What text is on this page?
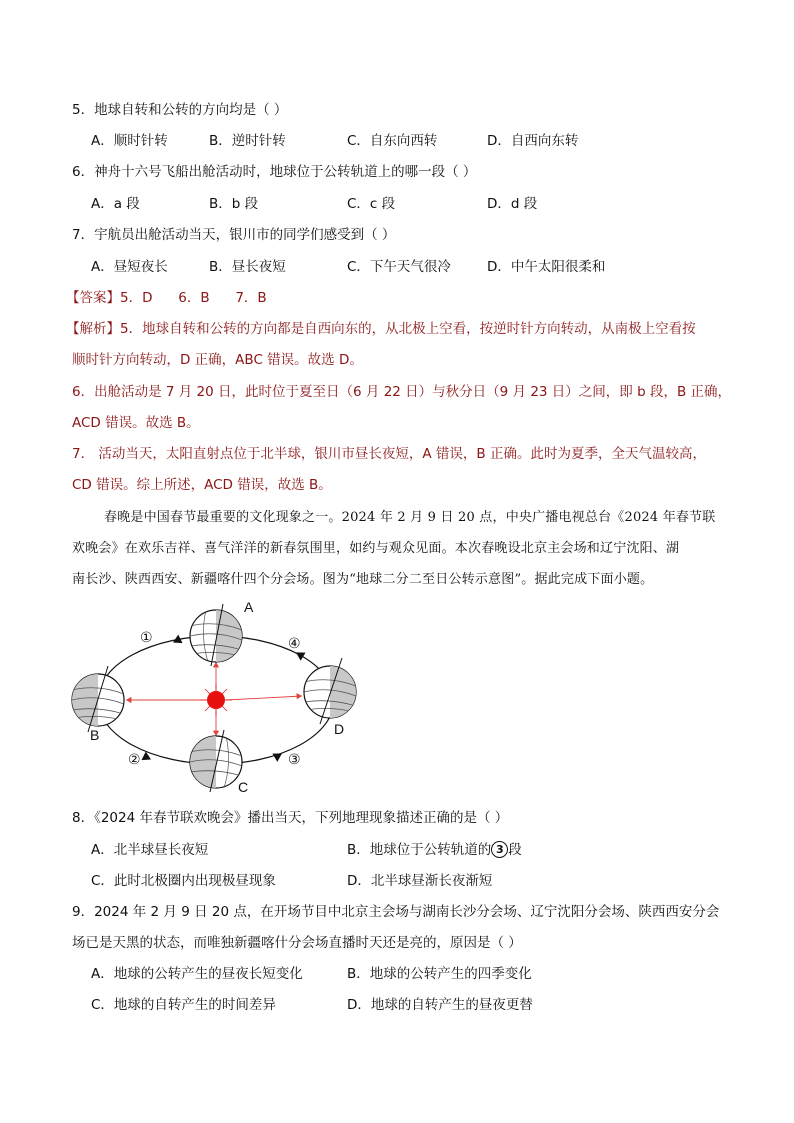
5．地球自转和公转的方向均是（ ）
A．顺时针转	B．逆时针转	C．自东向西转	D．自西向东转
6．神舟十六号飞船出舱活动时，地球位于公转轨道上的哪一段（ ）
A．a 段	B．b 段	C．c 段	D．d 段
7．宇航员出舱活动当天，银川市的同学们感受到（ ）
A．昼短夜长	B．昼长夜短	C．下午天气很冷	D．中午太阳很柔和
【答案】5．D      6．B      7．B
【解析】5．地球自转和公转的方向都是自西向东的，从北极上空看，按逆时针方向转动，从南极上空看按
顺时针方向转动，D 正确，ABC 错误。故选 D。
6．出舱活动是 7 月 20 日，此时位于夏至日（6 月 22 日）与秋分日（9 月 23 日）之间，即 b 段，B 正确，
ACD 错误。故选 B。
7． 活动当天，太阳直射点位于北半球，银川市昼长夜短，A 错误，B 正确。此时为夏季，全天气温较高，
CD 错误。综上所述，ACD 错误，故选 B。
春晚是中国春节最重要的文化现象之一。2024 年 2 月 9 日 20 点，中央广播电视总台《2024 年春节联
欢晚会》在欢乐吉祥、喜气洋洋的新春氛围里，如约与观众见面。本次春晚设北京主会场和辽宁沈阳、湖
南长沙、陕西西安、新疆喀什四个分会场。图为“地球二分二至日公转示意图”。据此完成下面小题。
A
B
C
D
①
②	③
④
8．《2024 年春节联欢晚会》播出当天，下列地理现象描述正确的是（ ）
A．北半球昼长夜短	B．地球位于公转轨道的 3 段
C．此时北极圈内出现极昼现象	D．北半球昼渐长夜渐短
9．2024 年 2 月 9 日 20 点，在开场节目中北京主会场与湖南长沙分会场、辽宁沈阳分会场、陕西西安分会
场已是天黑的状态，而唯独新疆喀什分会场直播时天还是亮的，原因是（ ）
A．地球的公转产生的昼夜长短变化	B．地球的公转产生的四季变化
C．地球的自转产生的时间差异	D．地球的自转产生的昼夜更替
